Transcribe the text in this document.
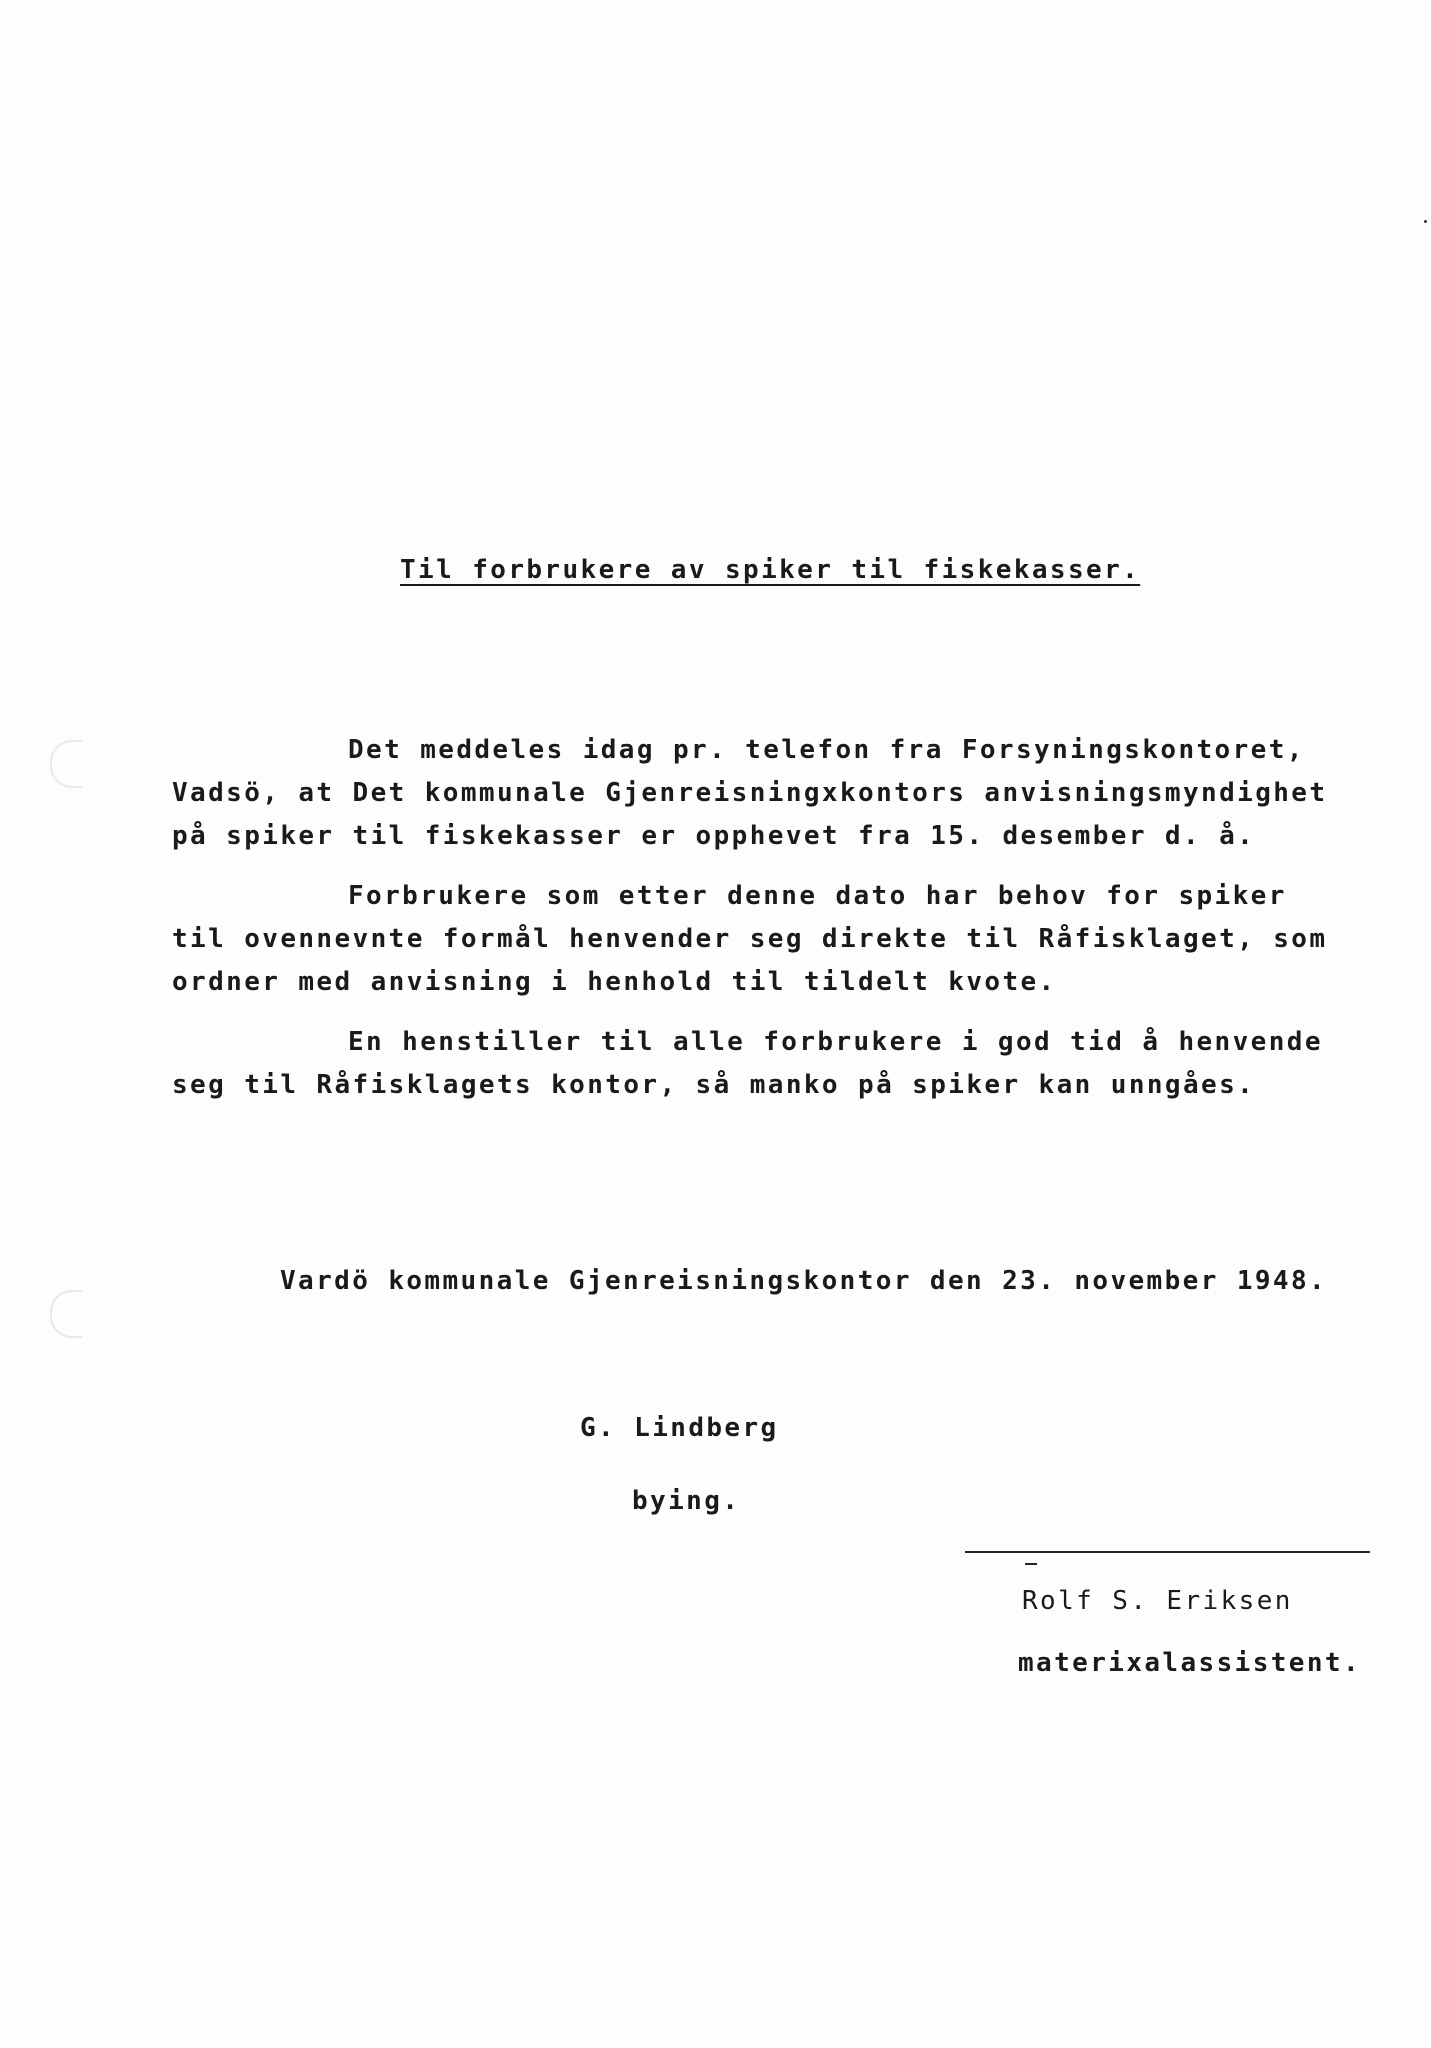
Til forbrukere av spiker til fiskekasser.
Det meddeles idag pr. telefon fra Forsyningskontoret,
Vadsö, at Det kommunale Gjenreisningxkontors anvisningsmyndighet
på spiker til fiskekasser er opphevet fra 15. desember d. å.
Forbrukere som etter denne dato har behov for spiker
til ovennevnte formål henvender seg direkte til Råfisklaget, som
ordner med anvisning i henhold til tildelt kvote.
En henstiller til alle forbrukere i god tid å henvende
seg til Råfisklagets kontor, så manko på spiker kan unngåes.
Vardö kommunale Gjenreisningskontor den 23. november 1948.
G. Lindberg
bying.
Rolf S. Eriksen
materixalassistent.
